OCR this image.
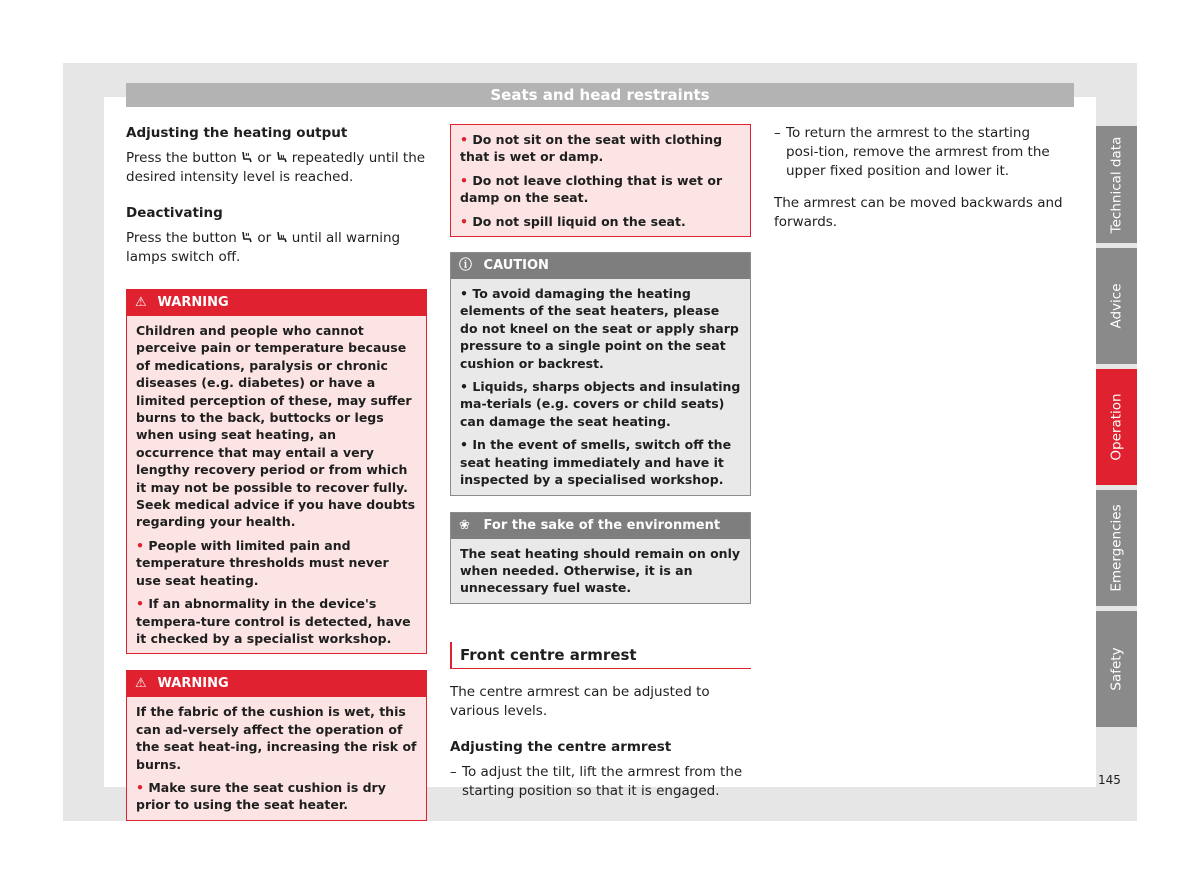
Seats and head restraints

Adjusting the heating output

Press the button or repeatedly until the desired intensity level is reached.

Deactivating

Press the button or until all warning lamps switch off.

⚠ WARNING

Children and people who cannot perceive pain or temperature because of medications, paralysis or chronic diseases (e.g. diabetes) or have a limited perception of these, may suffer burns to the back, buttocks or legs when using seat heating, an occurrence that may entail a very lengthy recovery period or from which it may not be possible to recover fully. Seek medical advice if you have doubts regarding your health.

• People with limited pain and temperature thresholds must never use seat heating.

• If an abnormality in the device's tempera-ture control is detected, have it checked by a specialist workshop.

⚠ WARNING

If the fabric of the cushion is wet, this can ad-versely affect the operation of the seat heat-ing, increasing the risk of burns.

• Make sure the seat cushion is dry prior to using the seat heater.

• Do not sit on the seat with clothing that is wet or damp.

• Do not leave clothing that is wet or damp on the seat.

• Do not spill liquid on the seat.

ⓘ CAUTION

• To avoid damaging the heating elements of the seat heaters, please do not kneel on the seat or apply sharp pressure to a single point on the seat cushion or backrest.

• Liquids, sharps objects and insulating ma-terials (e.g. covers or child seats) can damage the seat heating.

• In the event of smells, switch off the seat heating immediately and have it inspected by a specialised workshop.

❀ For the sake of the environment

The seat heating should remain on only when needed. Otherwise, it is an unnecessary fuel waste.

Front centre armrest

The centre armrest can be adjusted to various levels.

Adjusting the centre armrest

– To adjust the tilt, lift the armrest from the starting position so that it is engaged.
– To return the armrest to the starting posi-tion, remove the armrest from the upper fixed position and lower it.

The armrest can be moved backwards and forwards.	Technical data
Advice
Operation
Emergencies
Safety
145
